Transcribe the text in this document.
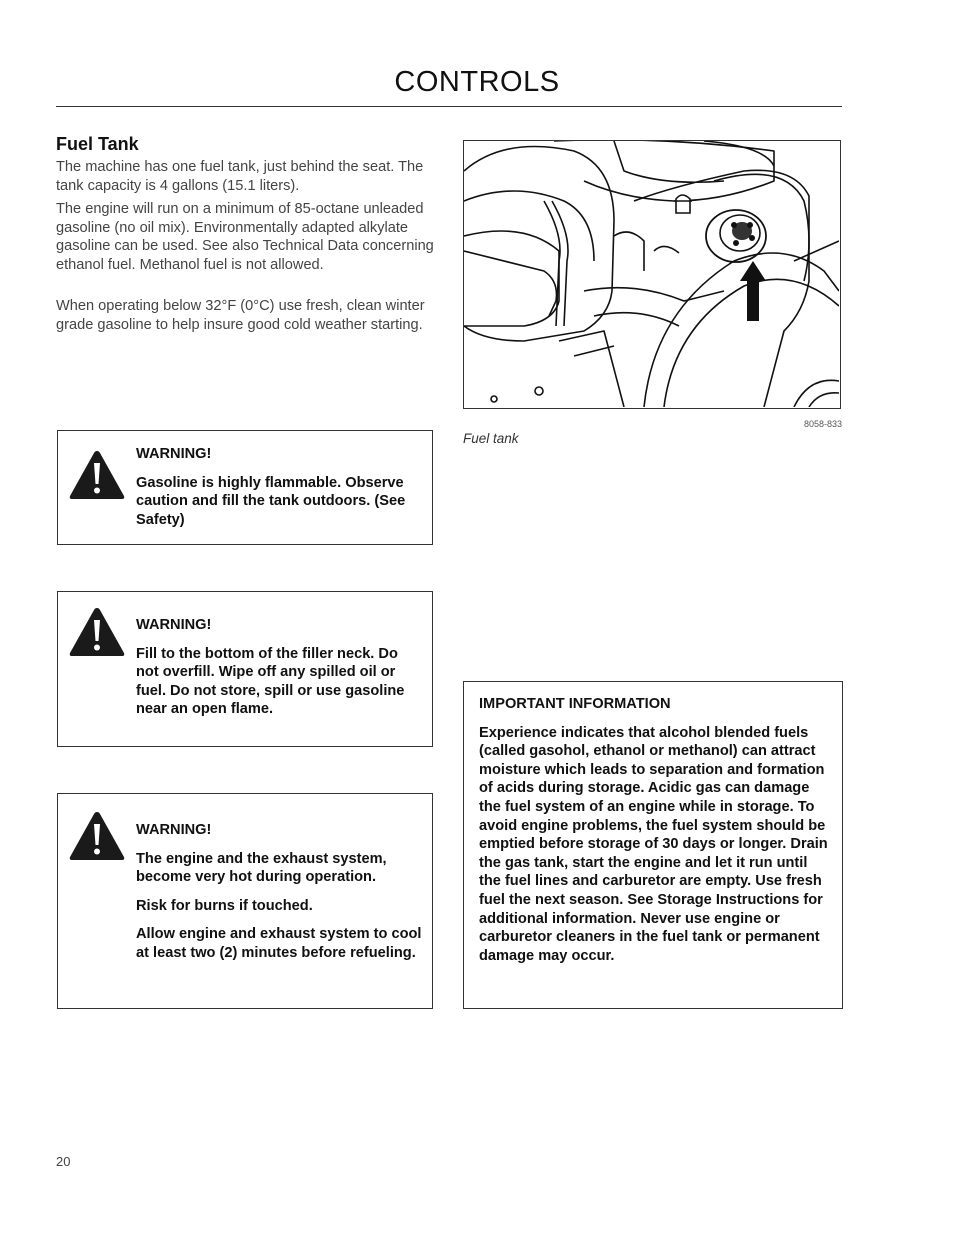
CONTROLS
Fuel Tank
The machine has one fuel tank, just behind the seat. The tank capacity is 4 gallons (15.1 liters).
The engine will run on a minimum of 85-octane unleaded gasoline (no oil mix). Environmentally adapted alkylate gasoline can be used. See also Technical Data concerning ethanol fuel. Methanol fuel is not allowed.
When operating below 32°F (0°C) use fresh, clean winter grade gasoline to help insure good cold weather starting.

WARNING!

Gasoline is highly flammable. Observe caution and fill the tank outdoors. (See Safety)

WARNING!

Fill to the bottom of the filler neck. Do not overfill. Wipe off any spilled oil or fuel. Do not store, spill or use gasoline near an open flame.

WARNING!

The engine and the exhaust system, become very hot during operation.

Risk for burns if touched.

Allow engine and exhaust system to cool at least two (2) minutes before refueling.

8058-833
Fuel tank

IMPORTANT INFORMATION

Experience indicates that alcohol blended fuels (called gasohol, ethanol or methanol) can attract moisture which leads to separation and formation of acids during storage. Acidic gas can damage the fuel system of an engine while in storage. To avoid engine problems, the fuel system should be emptied before storage of 30 days or longer. Drain the gas tank, start the engine and let it run until the fuel lines and carburetor are empty. Use fresh fuel the next season. See Storage Instructions for additional information. Never use engine or carburetor cleaners in the fuel tank or permanent damage may occur.

20
